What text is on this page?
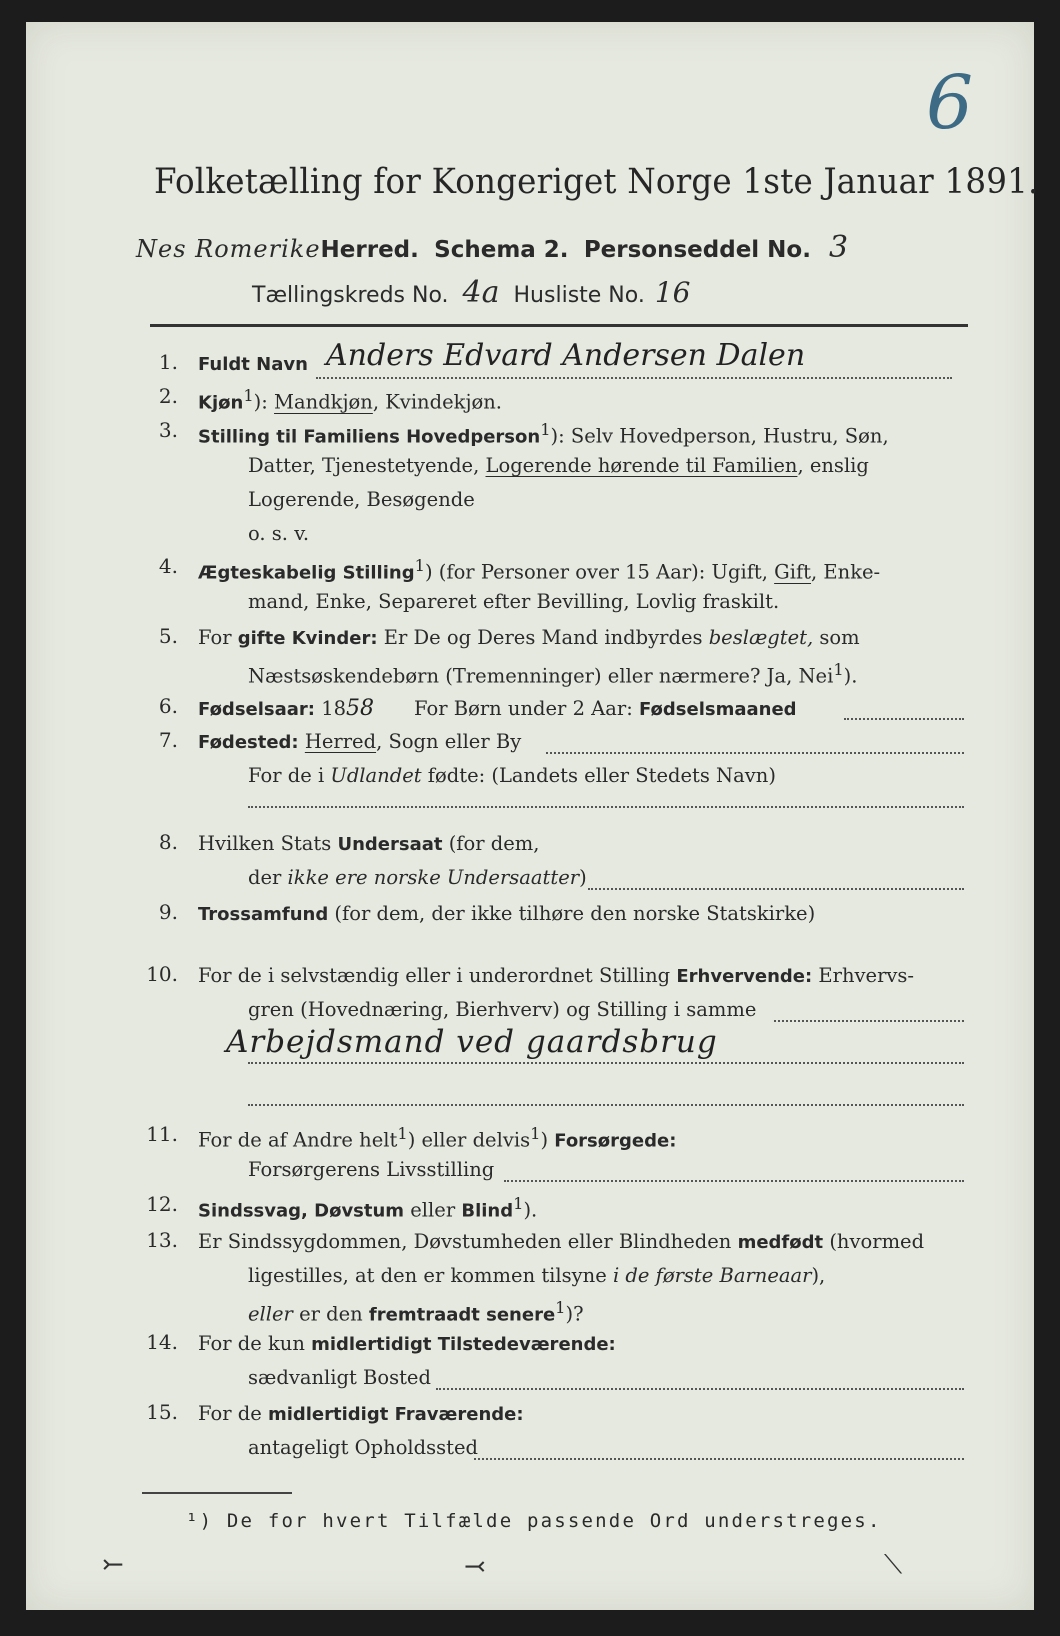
6
Folketælling for Kongeriget Norge 1ste Januar 1891.
Nes RomerikeHerred. Schema 2. Personseddel No. 3
Tællingskreds No. 4a Husliste No. 16
1. Fuldt Navn Anders Edvard Andersen Dalen
2. Kjøn$^1$): Mandkjøn, Kvindekjøn.
3. Stilling til Familiens Hovedperson$^1$): Selv Hovedperson, Hustru, Søn,
Datter, Tjenestetyende, Logerende hørende til Familien, enslig
Logerende, Besøgende
o. s. v.
4. Ægteskabelig Stilling$^1$) (for Personer over 15 Aar): Ugift, Gift, Enke-
mand, Enke, Separeret efter Bevilling, Lovlig fraskilt.
5. For gifte Kvinder: Er De og Deres Mand indbyrdes beslægtet, som
Næstsøskendebørn (Tremenninger) eller nærmere? Ja, Nei$^1$).
6. Fødselsaar: 1858 For Børn under 2 Aar: Fødselsmaaned
7. Fødested: Herred, Sogn eller By
For de i Udlandet fødte: (Landets eller Stedets Navn)
8. Hvilken Stats Undersaat (for dem,
der ikke ere norske Undersaatter)
9. Trossamfund (for dem, der ikke tilhøre den norske Statskirke)
10. For de i selvstændig eller i underordnet Stilling Erhvervende: Erhvervs-
gren (Hovednæring, Bierhverv) og Stilling i samme
Arbejdsmand ved gaardsbrug
11. For de af Andre helt$^1$) eller delvis$^1$) Forsørgede:
Forsørgerens Livsstilling
12. Sindssvag, Døvstum eller Blind$^1$).
13. Er Sindssygdommen, Døvstumheden eller Blindheden medfødt (hvormed
ligestilles, at den er kommen tilsyne i de første Barneaar),
eller er den fremtraadt senere$^1$)?
14. For de kun midlertidigt Tilstedeværende:
sædvanligt Bosted
15. For de midlertidigt Fraværende:
antageligt Opholdssted
¹) De for hvert Tilfælde passende Ord understreges.
⤚	⤙	⟍
